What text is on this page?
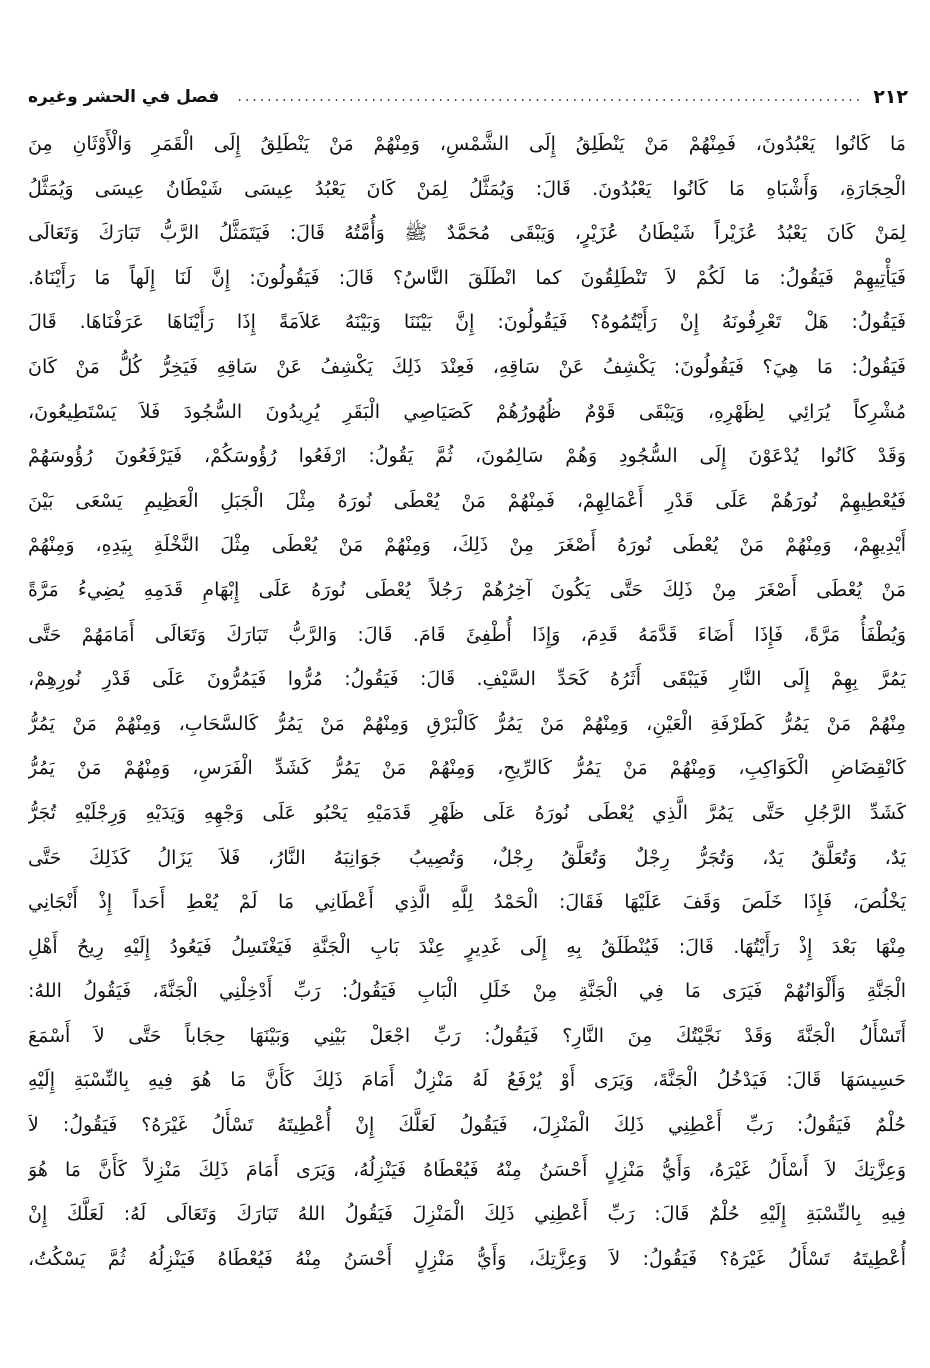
٢١٢
....................................................................................
فصل في الحشر وغيره
مَا كَانُوا يَعْبُدُونَ، فَمِنْهُمْ مَنْ يَنْطَلِقُ إِلَى الشَّمْسِ، وَمِنْهُمْ مَنْ يَنْطَلِقُ إِلَى الْقَمَرِ وَالْأَوْثَانِ مِنَ
الْحِجَارَةِ، وَأَشْبَاهِ مَا كَانُوا يَعْبُدُونَ. قَالَ: وَيُمَثَّلُ لِمَنْ كَانَ يَعْبُدُ عِيسَى شَيْطَانُ عِيسَى وَيُمَثَّلُ
لِمَنْ كَانَ يَعْبُدُ عُزَيْراً شَيْطَانُ عُزَيْرٍ، وَيَبْقَى مُحَمَّدٌ ﷺ وَأُمَّتُهُ قَالَ: فَيَتَمَثَّلُ الرَّبُّ تَبَارَكَ وَتَعَالَى
فَيَأْتِيهِمْ فَيَقُولُ: مَا لَكُمْ لاَ تَنْطَلِقُونَ كما انْطَلَقَ النَّاسُ؟ قَالَ: فَيَقُولُونَ: إِنَّ لَنَا إِلَهاً مَا رَأَيْنَاهُ.
فَيَقُولُ: هَلْ تَعْرِفُونَهُ إِنْ رَأَيْتُمُوهُ؟ فَيَقُولُونَ: إِنَّ بَيْنَنَا وَبَيْنَهُ عَلاَمَةً إِذَا رَأَيْنَاهَا عَرَفْنَاهَا. قَالَ
فَيَقُولُ: مَا هِيَ؟ فَيَقُولُونَ: يَكْشِفُ عَنْ سَاقِهِ، فَعِنْدَ ذَلِكَ يَكْشِفُ عَنْ سَاقِهِ فَيَخِرُّ كُلُّ مَنْ كَانَ
مُشْرِكاً يُرَائِي لِظَهْرِهِ، وَيَبْقَى قَوْمٌ ظُهُورُهُمْ كَصَيَاصِي الْبَقَرِ يُرِيدُونَ السُّجُودَ فَلاَ يَسْتَطِيعُونَ،
وَقَدْ كَانُوا يُدْعَوْنَ إِلَى السُّجُودِ وَهُمْ سَالِمُونَ، ثُمَّ يَقُولُ: ارْفَعُوا رُؤُوسَكُمْ، فَيَرْفَعُونَ رُؤُوسَهُمْ
فَيُعْطِيهِمْ نُورَهُمْ عَلَى قَدْرِ أَعْمَالِهِمْ، فَمِنْهُمْ مَنْ يُعْطَى نُورَهُ مِثْلَ الْجَبَلِ الْعَظِيمِ يَسْعَى بَيْنَ
أَيْدِيهِمْ، وَمِنْهُمْ مَنْ يُعْطَى نُورَهُ أَصْغَرَ مِنْ ذَلِكَ، وَمِنْهُمْ مَنْ يُعْطَى مِثْلَ النَّخْلَةِ بِيَدِهِ، وَمِنْهُمْ
مَنْ يُعْطَى أَصْغَرَ مِنْ ذَلِكَ حَتَّى يَكُونَ آخِرُهُمْ رَجُلاً يُعْطَى نُورَهُ عَلَى إِبْهَامِ قَدَمِهِ يُضِيءُ مَرَّةً
وَيُطْفَأُ مَرَّةً، فَإِذَا أَضَاءَ قَدَّمَهُ قَدِمَ، وَإِذَا أُطْفِئَ قَامَ. قَالَ: وَالرَّبُّ تَبَارَكَ وَتَعَالَى أَمَامَهُمْ حَتَّى
يَمُرَّ بِهِمْ إِلَى النَّارِ فَيَبْقَى أَثَرُهُ كَحَدِّ السَّيْفِ. قَالَ: فَيَقُولُ: مُرُّوا فَيَمُرُّونَ عَلَى قَدْرِ نُورِهِمْ،
مِنْهُمْ مَنْ يَمُرُّ كَطَرْفَةِ الْعَيْنِ، وَمِنْهُمْ مَنْ يَمُرُّ كَالْبَرْقِ وَمِنْهُمْ مَنْ يَمُرُّ كَالسَّحَابِ، وَمِنْهُمْ مَنْ يَمُرُّ
كَانْقِضَاضِ الْكَوَاكِبِ، وَمِنْهُمْ مَنْ يَمُرُّ كَالرِّيحِ، وَمِنْهُمْ مَنْ يَمُرُّ كَشَدِّ الْفَرَسِ، وَمِنْهُمْ مَنْ يَمُرُّ
كَشَدِّ الرَّجُلِ حَتَّى يَمُرَّ الَّذِي يُعْطَى نُورَهُ عَلَى ظَهْرِ قَدَمَيْهِ يَحْبُو عَلَى وَجْهِهِ وَيَدَيْهِ وَرِجْلَيْهِ تُجَرُّ
يَدٌ، وَتُعَلَّقُ يَدٌ، وَتُجَرُّ رِجْلٌ وَتُعَلَّقُ رِجْلٌ، وَتُصِيبُ جَوَانِبَهُ النَّارُ، فَلاَ يَزَالُ كَذَلِكَ حَتَّى
يَخْلُصَ، فَإِذَا خَلَصَ وَقَفَ عَلَيْهَا فَقَالَ: الْحَمْدُ لِلَّهِ الَّذِي أَعْطَانِي مَا لَمْ يُعْطِ أَحَداً إِذْ أَنْجَانِي
مِنْهَا بَعْدَ إِذْ رَأَيْتُهَا. قَالَ: فَيُنْطَلَقُ بِهِ إِلَى غَدِيرٍ عِنْدَ بَابِ الْجَنَّةِ فَيَغْتَسِلُ فَيَعُودُ إِلَيْهِ رِيحُ أَهْلِ
الْجَنَّةِ وَأَلْوَانُهُمْ فَيَرَى مَا فِي الْجَنَّةِ مِنْ خَلَلِ الْبَابِ فَيَقُولُ: رَبِّ أَدْخِلْنِي الْجَنَّةَ، فَيَقُولُ اللهُ:
أَتَسْأَلُ الْجَنَّةَ وَقَدْ نَجَّيْتُكَ مِنَ النَّارِ؟ فَيَقُولُ: رَبِّ اجْعَلْ بَيْنِي وَبَيْنَهَا حِجَاباً حَتَّى لاَ أَسْمَعَ
حَسِيسَهَا قَالَ: فَيَدْخُلُ الْجَنَّةَ، وَيَرَى أَوْ يُرْفَعُ لَهُ مَنْزِلٌ أَمَامَ ذَلِكَ كَأَنَّ مَا هُوَ فِيهِ بِالنِّسْبَةِ إِلَيْهِ
حُلْمٌ فَيَقُولُ: رَبِّ أَعْطِنِي ذَلِكَ الْمَنْزِلَ، فَيَقُولُ لَعَلَّكَ إِنْ أُعْطِيتَهُ تَسْأَلُ غَيْرَهُ؟ فَيَقُولُ: لاَ
وَعِزَّتِكَ لاَ أَسْأَلُ غَيْرَهُ، وَأَيُّ مَنْزِلٍ أَحْسَنُ مِنْهُ فَيُعْطَاهُ فَيَنْزِلُهُ، وَيَرَى أَمَامَ ذَلِكَ مَنْزِلاً كَأَنَّ مَا هُوَ
فِيهِ بِالنِّسْبَةِ إِلَيْهِ حُلْمٌ قَالَ: رَبِّ أَعْطِنِي ذَلِكَ الْمَنْزِلَ فَيَقُولُ اللهُ تَبَارَكَ وَتَعَالَى لَهُ: لَعَلَّكَ إِنْ
أُعْطِيتَهُ تَسْأَلُ غَيْرَهُ؟ فَيَقُولُ: لاَ وَعِزَّتِكَ، وَأَيُّ مَنْزِلٍ أَحْسَنُ مِنْهُ فَيُعْطَاهُ فَيَنْزِلُهُ ثُمَّ يَسْكُتُ،
